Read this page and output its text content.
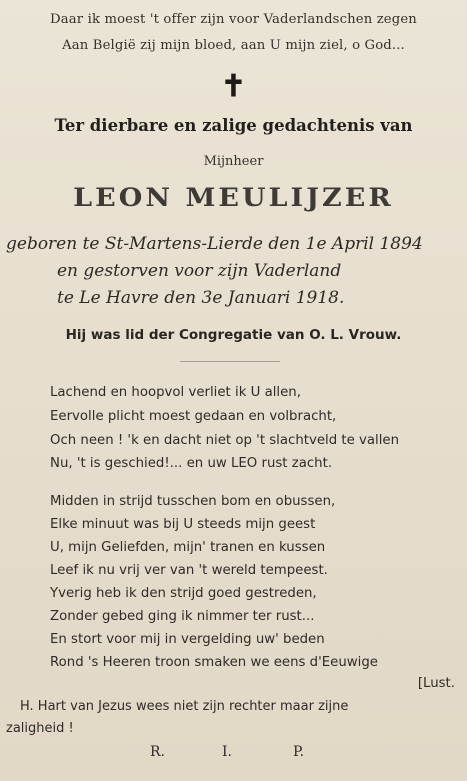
Daar ik moest 't offer zijn voor Vaderlandschen zegen
Aan België zij mijn bloed, aan U mijn ziel, o God...
✝
Ter dierbare en zalige gedachtenis van
Mijnheer
LEON MEULIJZER
geboren te St-Martens-Lierde den 1e April 1894
en gestorven voor zijn Vaderland
te Le Havre den 3e Januari 1918.
Hij was lid der Congregatie van O. L. Vrouw.
Lachend en hoopvol verliet ik U allen,
Eervolle plicht moest gedaan en volbracht,
Och neen ! 'k en dacht niet op 't slachtveld te vallen
Nu, 't is geschied!... en uw LEO rust zacht.
Midden in strijd tusschen bom en obussen,
Elke minuut was bij U steeds mijn geest
U, mijn Geliefden, mijn' tranen en kussen
Leef ik nu vrij ver van 't wereld tempeest.
Yverig heb ik den strijd goed gestreden,
Zonder gebed ging ik nimmer ter rust...
En stort voor mij in vergelding uw' beden
Rond 's Heeren troon smaken we eens d'Eeuwige
[Lust.
H. Hart van Jezus wees niet zijn rechter maar zijne
zaligheid !
R.	I.	P.
